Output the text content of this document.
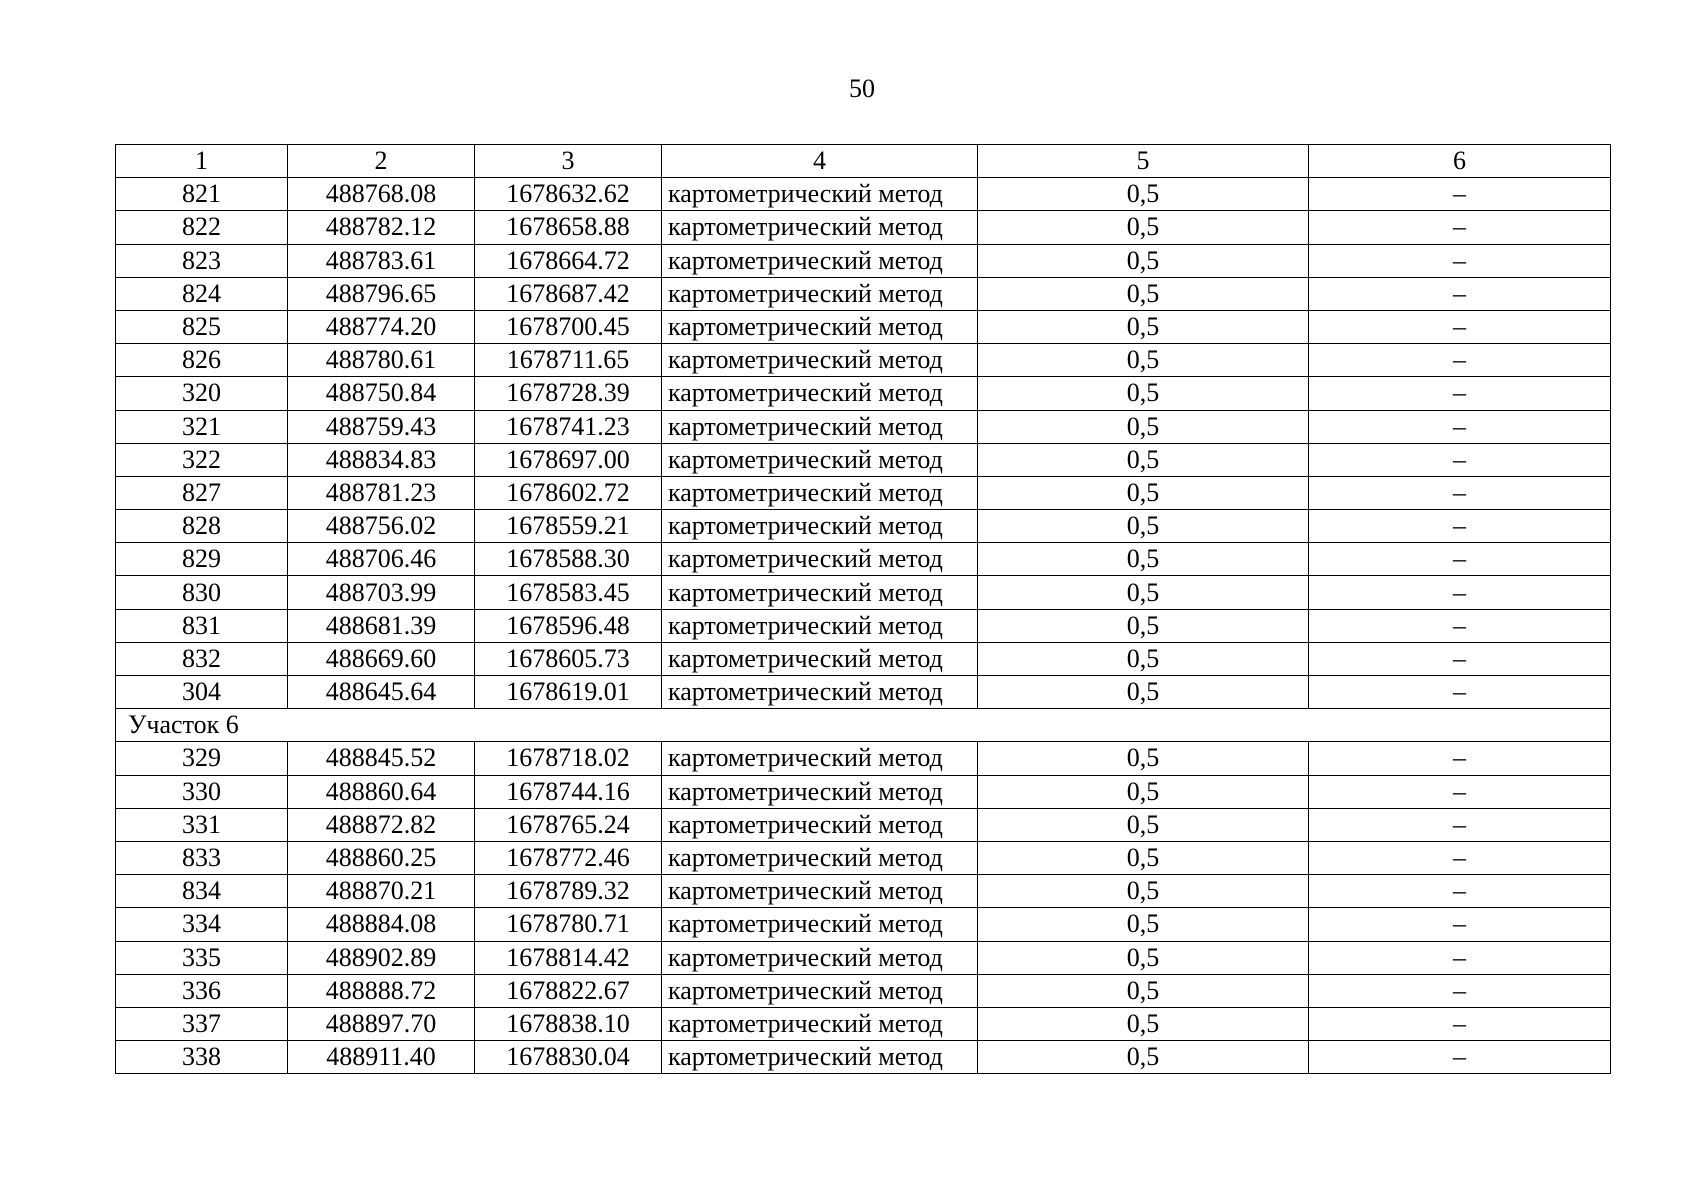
50
1	2	3	4	5	6
821	488768.08	1678632.62	картометрический метод	0,5	–
822	488782.12	1678658.88	картометрический метод	0,5	–
823	488783.61	1678664.72	картометрический метод	0,5	–
824	488796.65	1678687.42	картометрический метод	0,5	–
825	488774.20	1678700.45	картометрический метод	0,5	–
826	488780.61	1678711.65	картометрический метод	0,5	–
320	488750.84	1678728.39	картометрический метод	0,5	–
321	488759.43	1678741.23	картометрический метод	0,5	–
322	488834.83	1678697.00	картометрический метод	0,5	–
827	488781.23	1678602.72	картометрический метод	0,5	–
828	488756.02	1678559.21	картометрический метод	0,5	–
829	488706.46	1678588.30	картометрический метод	0,5	–
830	488703.99	1678583.45	картометрический метод	0,5	–
831	488681.39	1678596.48	картометрический метод	0,5	–
832	488669.60	1678605.73	картометрический метод	0,5	–
304	488645.64	1678619.01	картометрический метод	0,5	–
Участок 6					
329	488845.52	1678718.02	картометрический метод	0,5	–
330	488860.64	1678744.16	картометрический метод	0,5	–
331	488872.82	1678765.24	картометрический метод	0,5	–
833	488860.25	1678772.46	картометрический метод	0,5	–
834	488870.21	1678789.32	картометрический метод	0,5	–
334	488884.08	1678780.71	картометрический метод	0,5	–
335	488902.89	1678814.42	картометрический метод	0,5	–
336	488888.72	1678822.67	картометрический метод	0,5	–
337	488897.70	1678838.10	картометрический метод	0,5	–
338	488911.40	1678830.04	картометрический метод	0,5	–
